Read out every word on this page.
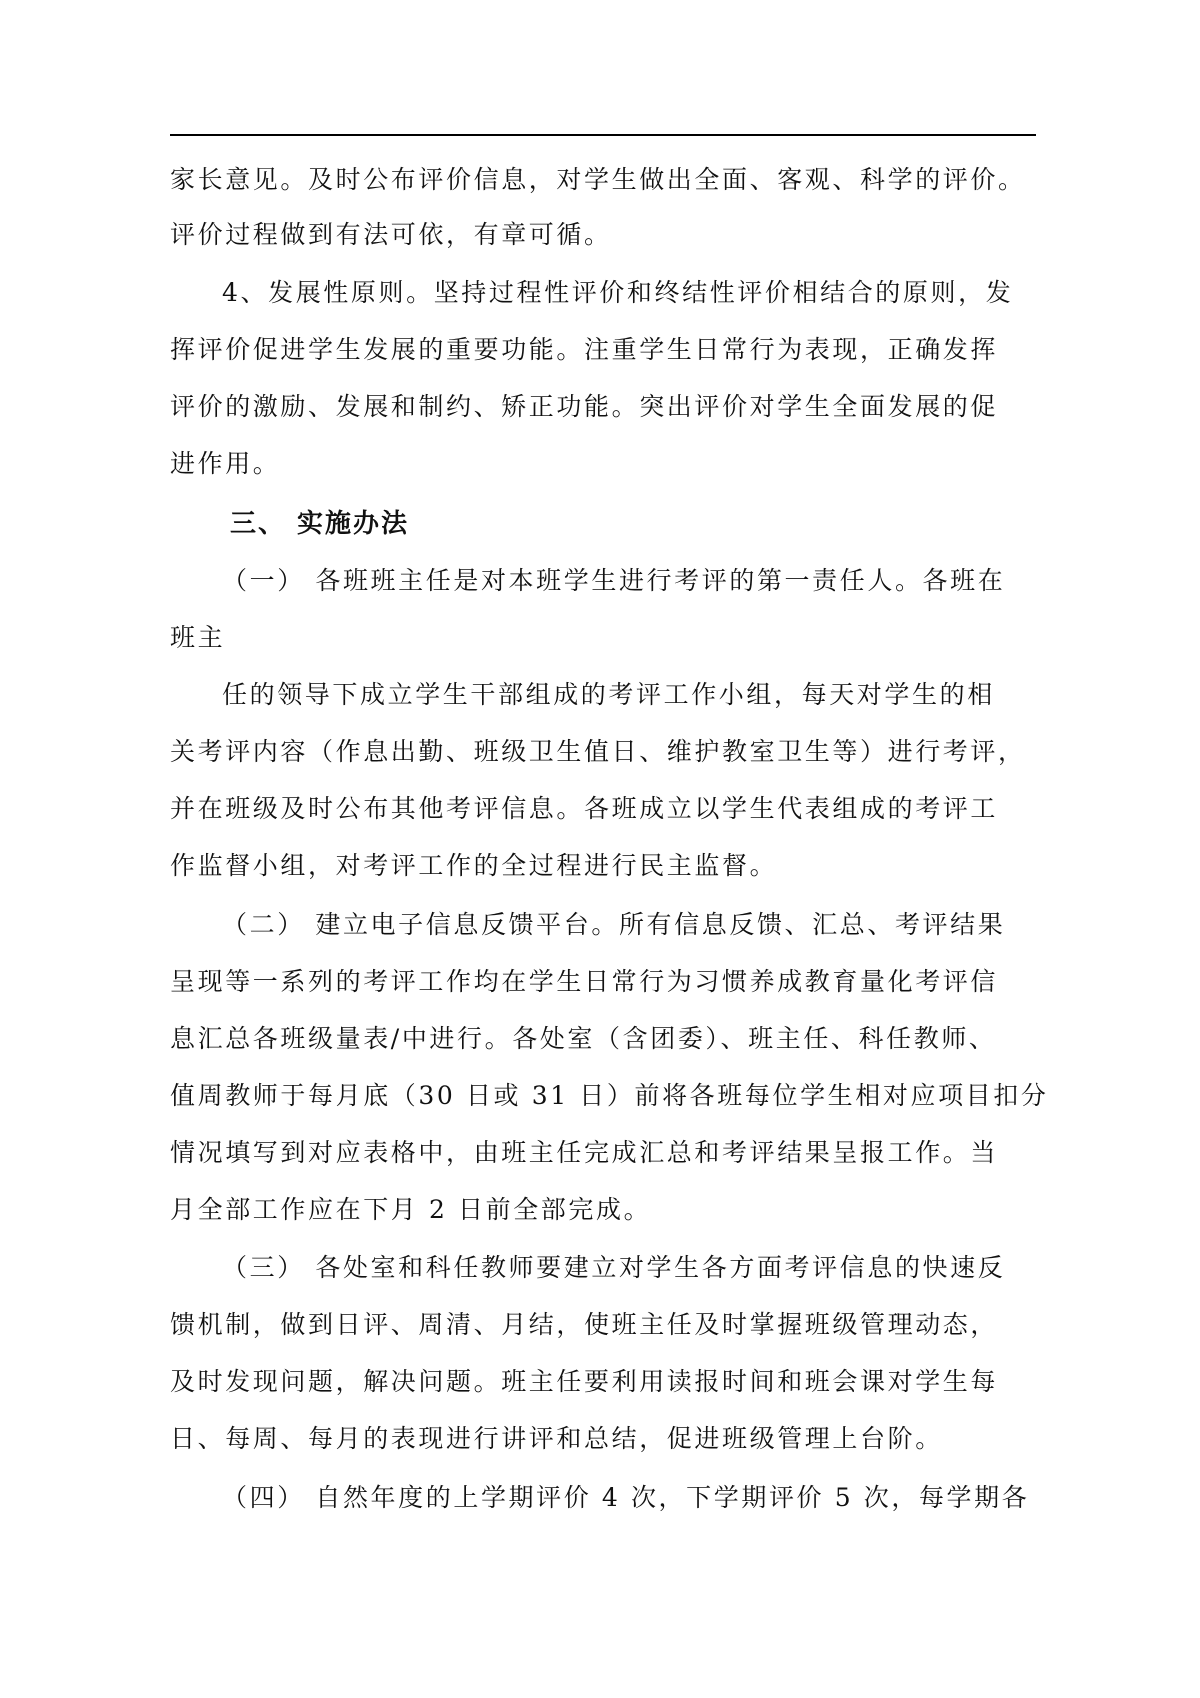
家长意见。及时公布评价信息，对学生做出全面、客观、科学的评价。
评价过程做到有法可依，有章可循。
4、发展性原则。坚持过程性评价和终结性评价相结合的原则，发
挥评价促进学生发展的重要功能。注重学生日常行为表现，正确发挥
评价的激励、发展和制约、矫正功能。突出评价对学生全面发展的促
进作用。
三、 实施办法
（一） 各班班主任是对本班学生进行考评的第一责任人。各班在
班主
任的领导下成立学生干部组成的考评工作小组，每天对学生的相
关考评内容（作息出勤、班级卫生值日、维护教室卫生等）进行考评，
并在班级及时公布其他考评信息。各班成立以学生代表组成的考评工
作监督小组，对考评工作的全过程进行民主监督。
（二） 建立电子信息反馈平台。所有信息反馈、汇总、考评结果
呈现等一系列的考评工作均在学生日常行为习惯养成教育量化考评信
息汇总各班级量表/中进行。各处室（含团委）、班主任、科任教师、
值周教师于每月底（30 日或 31 日）前将各班每位学生相对应项目扣分
情况填写到对应表格中，由班主任完成汇总和考评结果呈报工作。当
月全部工作应在下月 2 日前全部完成。
（三） 各处室和科任教师要建立对学生各方面考评信息的快速反
馈机制，做到日评、周清、月结，使班主任及时掌握班级管理动态，
及时发现问题，解决问题。班主任要利用读报时间和班会课对学生每
日、每周、每月的表现进行讲评和总结，促进班级管理上台阶。
（四） 自然年度的上学期评价 4 次，下学期评价 5 次，每学期各
